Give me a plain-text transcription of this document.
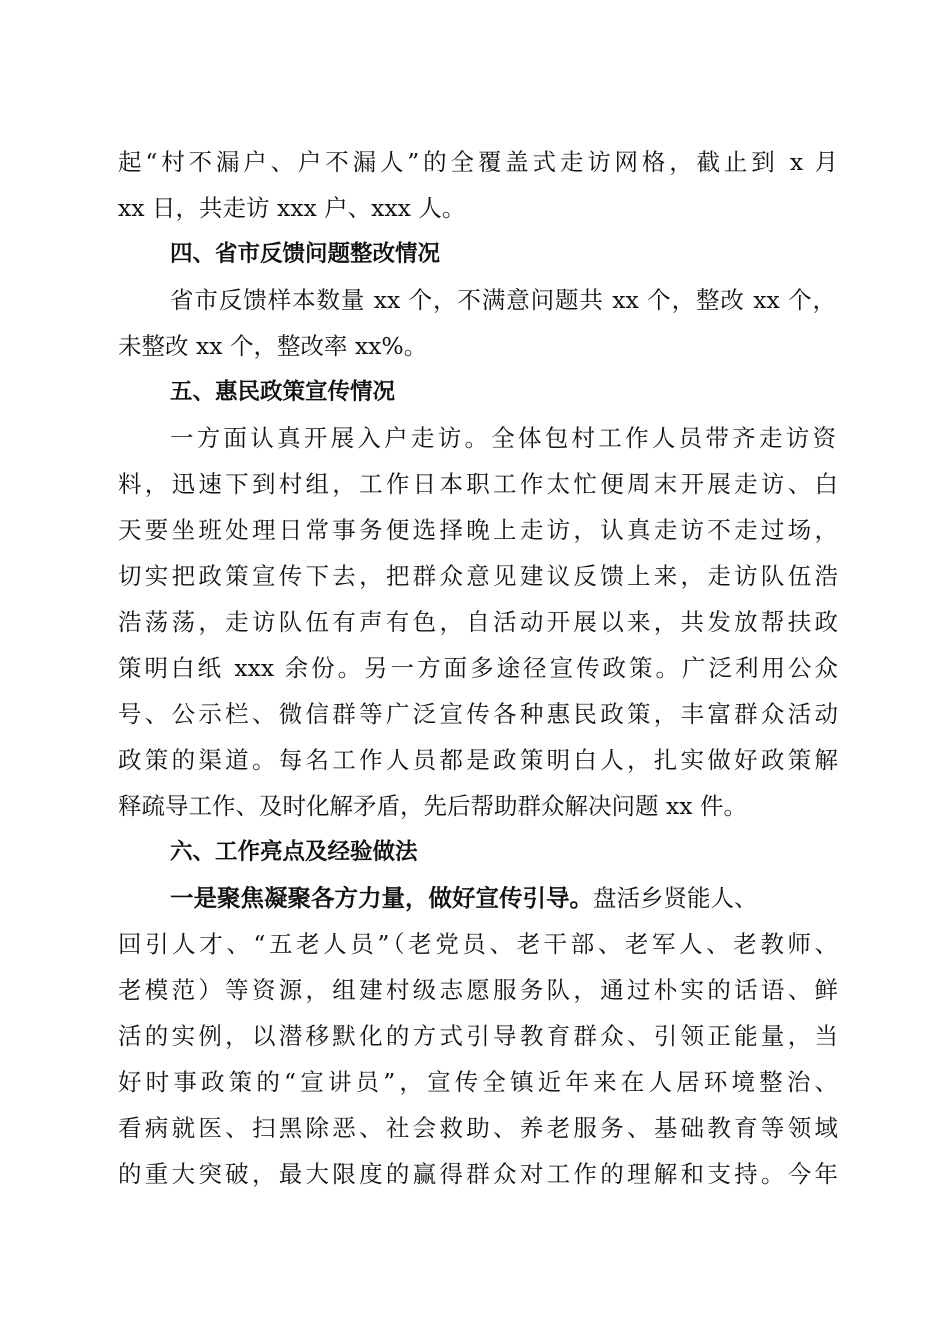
起“村不漏户、户不漏人”的全覆盖式走访网格，截止到 x 月
xx 日，共走访 xxx 户、xxx 人。
四、省市反馈问题整改情况
省市反馈样本数量 xx 个，不满意问题共 xx 个，整改 xx 个，
未整改 xx 个，整改率 xx%。
五、惠民政策宣传情况
一方面认真开展入户走访。全体包村工作人员带齐走访资
料，迅速下到村组，工作日本职工作太忙便周末开展走访、白
天要坐班处理日常事务便选择晚上走访，认真走访不走过场，
切实把政策宣传下去，把群众意见建议反馈上来，走访队伍浩
浩荡荡，走访队伍有声有色，自活动开展以来，共发放帮扶政
策明白纸 xxx 余份。另一方面多途径宣传政策。广泛利用公众
号、公示栏、微信群等广泛宣传各种惠民政策，丰富群众活动
政策的渠道。每名工作人员都是政策明白人，扎实做好政策解
释疏导工作、及时化解矛盾，先后帮助群众解决问题 xx 件。
六、工作亮点及经验做法
一是聚焦凝聚各方力量，做好宣传引导。盘活乡贤能人、
回引人才、“五老人员”（老党员、老干部、老军人、老教师、
老模范）等资源，组建村级志愿服务队，通过朴实的话语、鲜
活的实例，以潜移默化的方式引导教育群众、引领正能量，当
好时事政策的“宣讲员”，宣传全镇近年来在人居环境整治、
看病就医、扫黑除恶、社会救助、养老服务、基础教育等领域
的重大突破，最大限度的赢得群众对工作的理解和支持。今年
